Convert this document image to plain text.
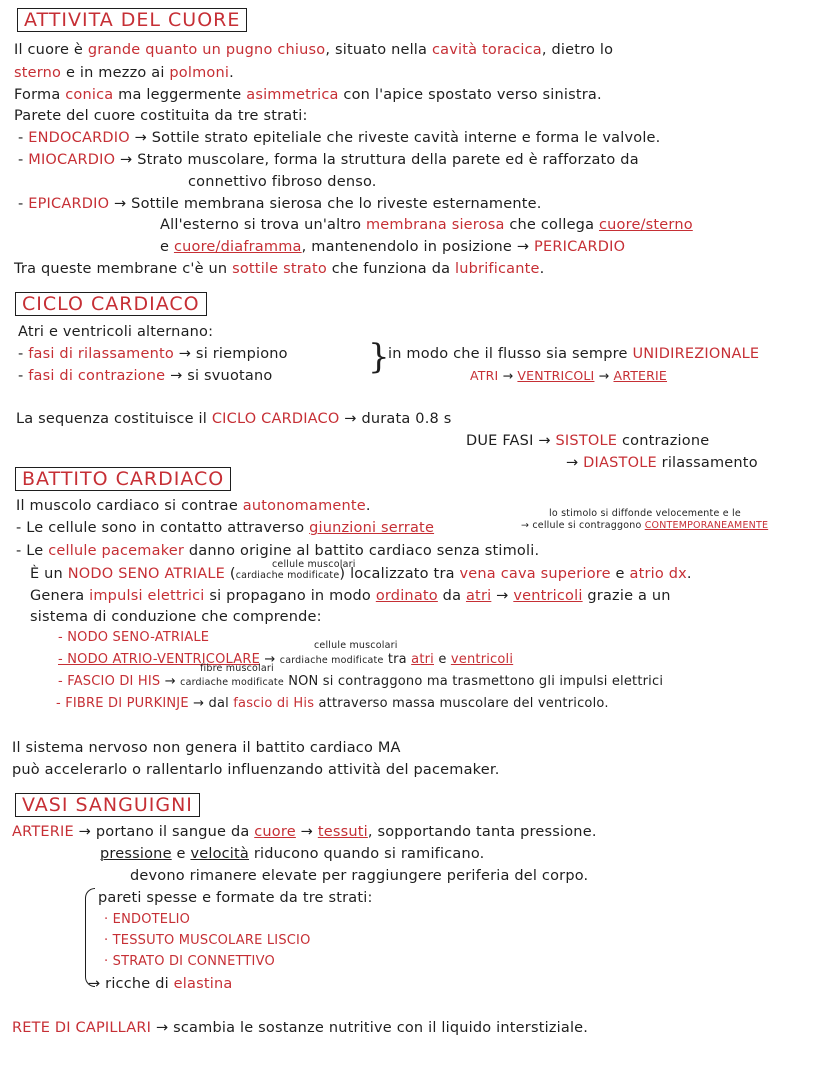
ATTIVITA DEL CUORE
Il cuore è grande quanto un pugno chiuso, situato nella cavità toracica, dietro lo
sterno e in mezzo ai polmoni.
Forma conica ma leggermente asimmetrica con l'apice spostato verso sinistra.
Parete del cuore costituita da tre strati:
- ENDOCARDIO → Sottile strato epiteliale che riveste cavità interne e forma le valvole.
- MIOCARDIO → Strato muscolare, forma la struttura della parete ed è rafforzato da
connettivo fibroso denso.
- EPICARDIO → Sottile membrana sierosa che lo riveste esternamente.
All'esterno si trova un'altro membrana sierosa che collega cuore/sterno
e cuore/diaframma, mantenendolo in posizione → PERICARDIO
Tra queste membrane c'è un sottile strato che funziona da lubrificante.
CICLO CARDIACO
Atri e ventricoli alternano:
- fasi di rilassamento → si riempiono
- fasi di contrazione → si svuotano	}
in modo che il flusso sia sempre UNIDIREZIONALE
ATRI → VENTRICOLI → ARTERIE
La sequenza costituisce il CICLO CARDIACO → durata 0.8 s
DUE FASI → SISTOLE contrazione
→ DIASTOLE rilassamento
BATTITO CARDIACO
Il muscolo cardiaco si contrae autonomamente.	lo stimolo si diffonde velocemente e le
→ cellule si contraggono CONTEMPORANEAMENTE
- Le cellule sono in contatto attraverso giunzioni serrate
- Le cellule pacemaker danno origine al battito cardiaco senza stimoli.
cellule muscolari
È un NODO SENO ATRIALE (cardiache modificate) localizzato tra vena cava superiore e atrio dx.
Genera impulsi elettrici si propagano in modo ordinato da atri → ventricoli grazie a un
sistema di conduzione che comprende:
- NODO SENO-ATRIALE
cellule muscolari
- NODO ATRIO-VENTRICOLARE → cardiache modificate tra atri e ventricoli
fibre muscolari
- FASCIO DI HIS → cardiache modificate NON si contraggono ma trasmettono gli impulsi elettrici
- FIBRE DI PURKINJE → dal fascio di His attraverso massa muscolare del ventricolo.
Il sistema nervoso non genera il battito cardiaco MA
può accelerarlo o rallentarlo influenzando attività del pacemaker.
VASI SANGUIGNI
ARTERIE → portano il sangue da cuore → tessuti, sopportando tanta pressione.
pressione e velocità riducono quando si ramificano.
devono rimanere elevate per raggiungere periferia del corpo.
pareti spesse e formate da tre strati:
· ENDOTELIO
· TESSUTO MUSCOLARE LISCIO
· STRATO DI CONNETTIVO
→ ricche di elastina
RETE DI CAPILLARI → scambia le sostanze nutritive con il liquido interstiziale.
